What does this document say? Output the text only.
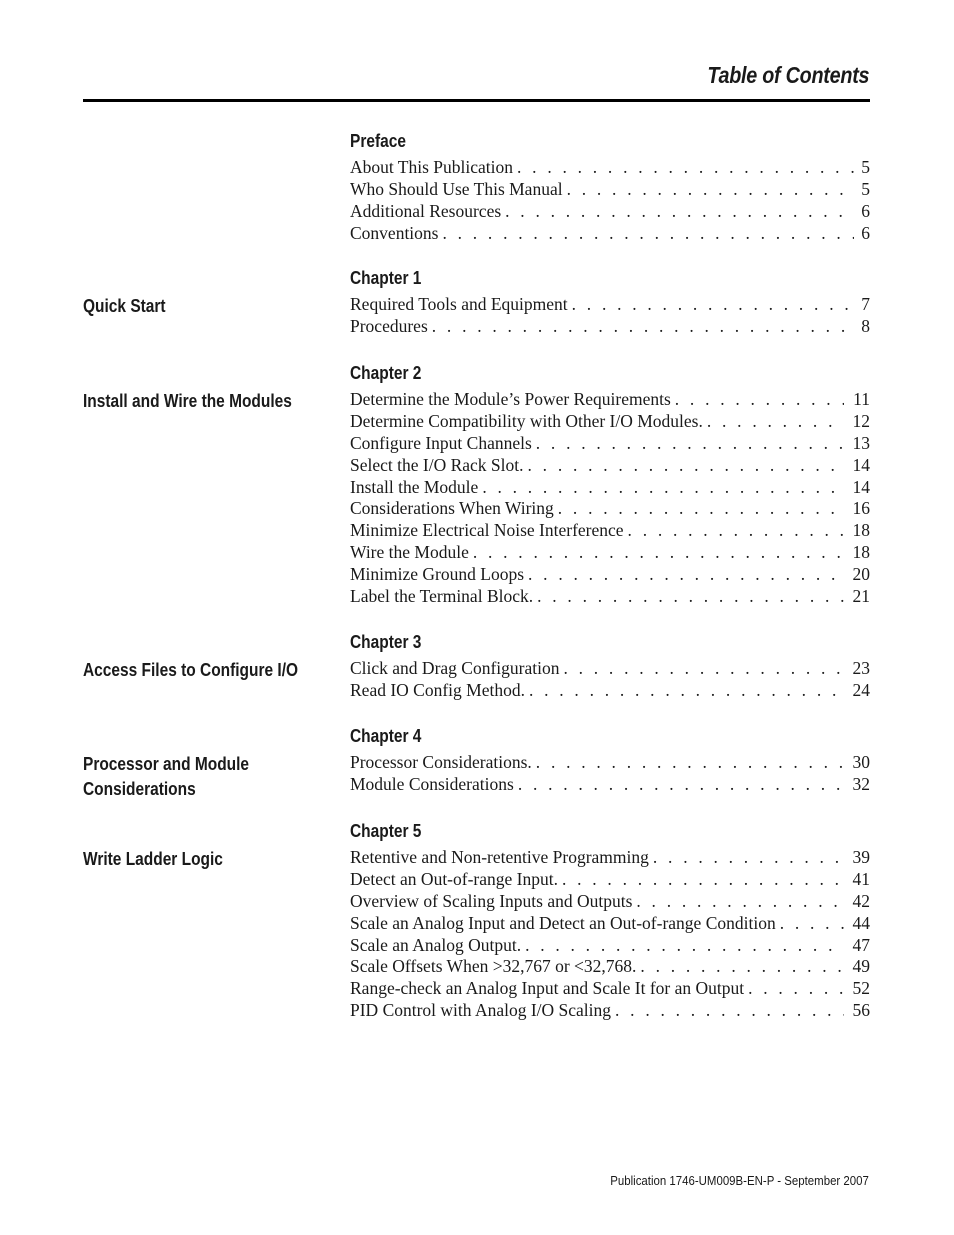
Table of Contents
Preface
About This Publication . . .	5
Who Should Use This Manual . . .	5
Additional Resources . . .	6
Conventions . . .	6
Chapter 1
Quick Start	Required Tools and Equipment . . .	7
Procedures . . .	8
Chapter 2
Install and Wire the Modules	Determine the Module’s Power Requirements . . .	11
Determine Compatibility with Other I/O Modules. . . .	12
Configure Input Channels . . .	13
Select the I/O Rack Slot. . . .	14
Install the Module . . .	14
Considerations When Wiring . . .	16
Minimize Electrical Noise Interference . . .	18
Wire the Module . . .	18
Minimize Ground Loops . . .	20
Label the Terminal Block. . . .	21
Chapter 3
Access Files to Configure I/O	Click and Drag Configuration . . .	23
Read IO Config Method. . . .	24
Chapter 4
Processor and Module Considerations
Processor Considerations. . . .	30
Module Considerations . . .	32
Chapter 5
Write Ladder Logic	Retentive and Non-retentive Programming . . .	39
Detect an Out-of-range Input. . . .	41
Overview of Scaling Inputs and Outputs . . .	42
Scale an Analog Input and Detect an Out-of-range Condition . . .	44
Scale an Analog Output. . . .	47
Scale Offsets When >32,767 or <32,768. . . .	49
Range-check an Analog Input and Scale It for an Output . . .	52
PID Control with Analog I/O Scaling . . .	56
Publication 1746-UM009B-EN-P - September 2007
